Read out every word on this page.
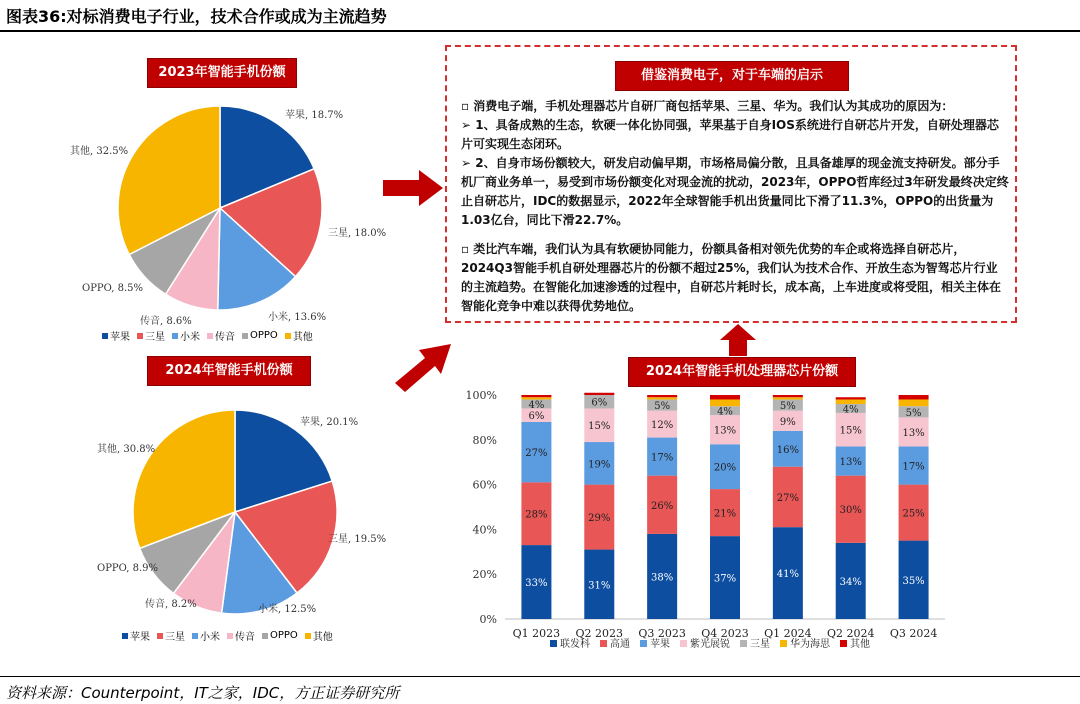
图表36:对标消费电子行业，技术合作或成为主流趋势
2023年智能手机份额
苹果, 18.7%
三星, 18.0%
小米, 13.6%
传音, 8.6%
OPPO, 8.5%
其他, 32.5%
苹果 三星 小米 传音 OPPO 其他
2024年智能手机份额
苹果, 20.1%
三星, 19.5%
小米, 12.5%
传音, 8.2%
OPPO, 8.9%
其他, 30.8%
苹果 三星 小米 传音 OPPO 其他
借鉴消费电子，对于车端的启示

▫ 消费电子端，手机处理器芯片自研厂商包括苹果、三星、华为。我们认为其成功的原因为：

➢ 1、具备成熟的生态，软硬一体化协同强，苹果基于自身IOS系统进行自研芯片开发，自研处理器芯片可实现生态闭环。

➢ 2、自身市场份额较大，研发启动偏早期，市场格局偏分散，且具备雄厚的现金流支持研发。部分手机厂商业务单一，易受到市场份额变化对现金流的扰动，2023年，OPPO哲库经过3年研发最终决定终止自研芯片，IDC的数据显示，2022年全球智能手机出货量同比下滑了11.3%，OPPO的出货量为1.03亿台，同比下滑22.7%。

▫ 类比汽车端，我们认为具有软硬协同能力，份额具备相对领先优势的车企或将选择自研芯片，2024Q3智能手机自研处理器芯片的份额不超过25%，我们认为技术合作、开放生态为智驾芯片行业的主流趋势。在智能化加速渗透的过程中，自研芯片耗时长，成本高，上车进度或将受阻，相关主体在智能化竞争中难以获得优势地位。

2024年智能手机处理器芯片份额
0%
20%
40%
60%
80%
100%
33%
28%
27%
6%
4%
Q1 2023
31%
29%
19%
15%
6%
Q2 2023
38%
26%
17%
12%
5%
Q3 2023
37%
21%
20%
13%
4%
Q4 2023
41%
27%
16%
9%
5%
Q1 2024
34%
30%
13%
15%
4%
Q2 2024
35%
25%
17%
13%
5%
Q3 2024
联发科 高通 苹果 紫光展锐 三星 华为海思 其他
资料来源：Counterpoint，IT之家，IDC，方正证券研究所
